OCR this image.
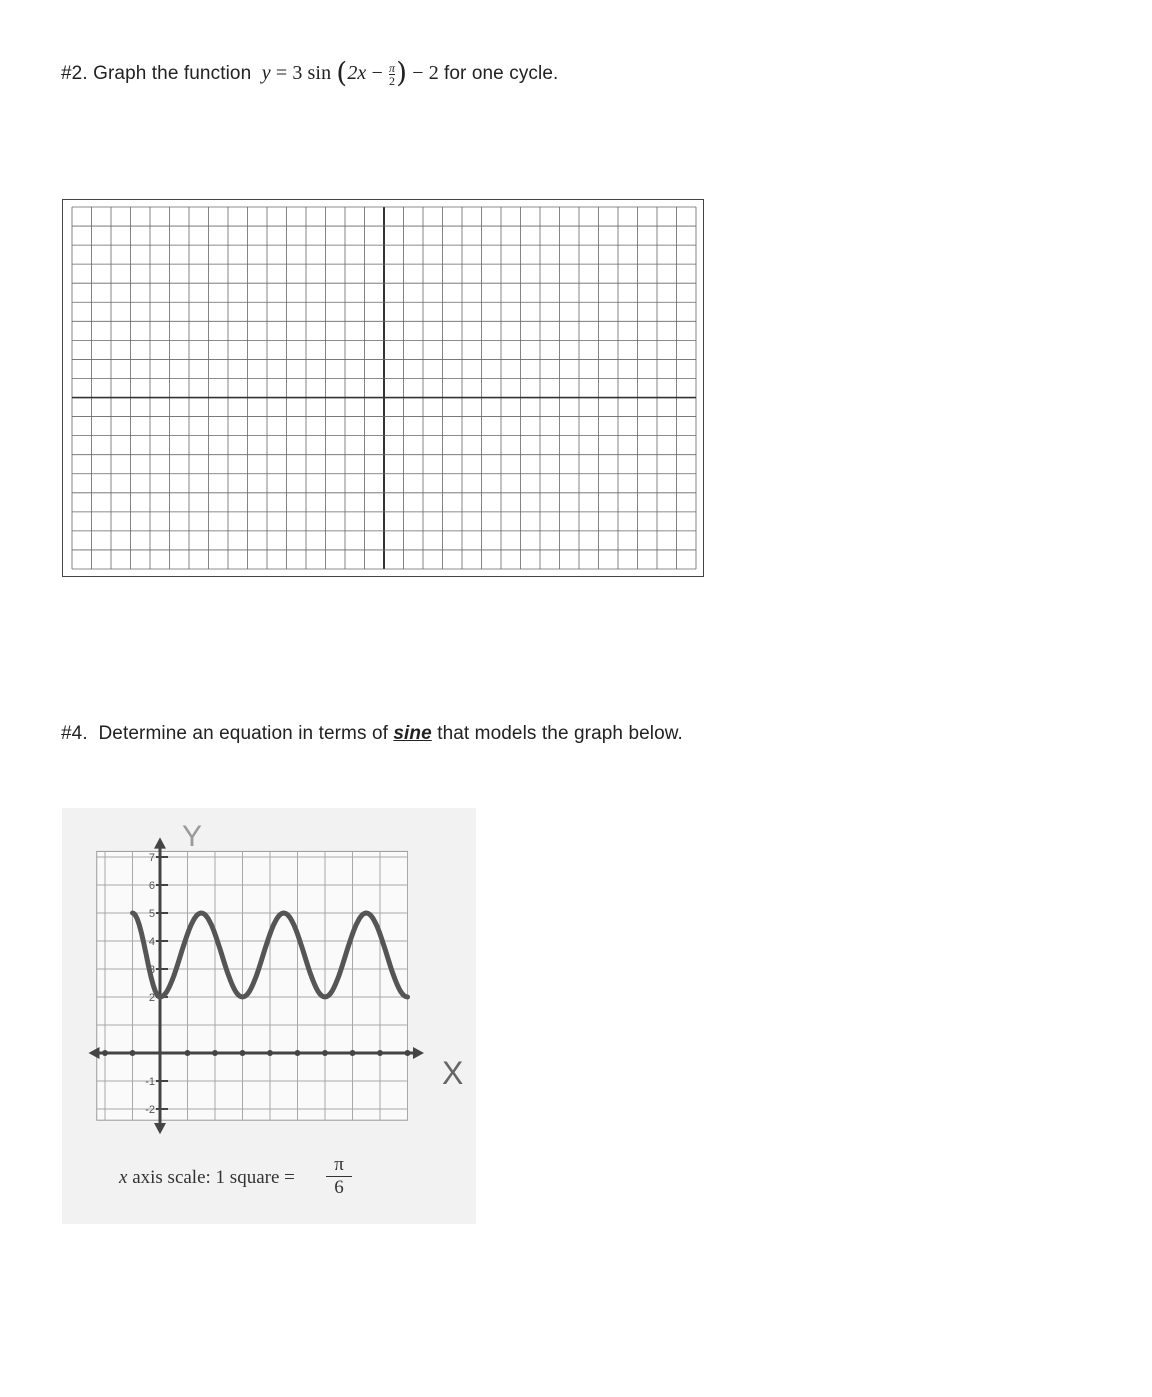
#2. Graph the function y = 3 $\sin (2x - \frac{\pi}{2}$ ) − 2 for one cycle.
#4. Determine an equation in terms of sine that models the graph below.
7
6
5
4
3
2
-1
-2
Y
x axis scale: 1 square = $\frac{\pi}{6}$
X
